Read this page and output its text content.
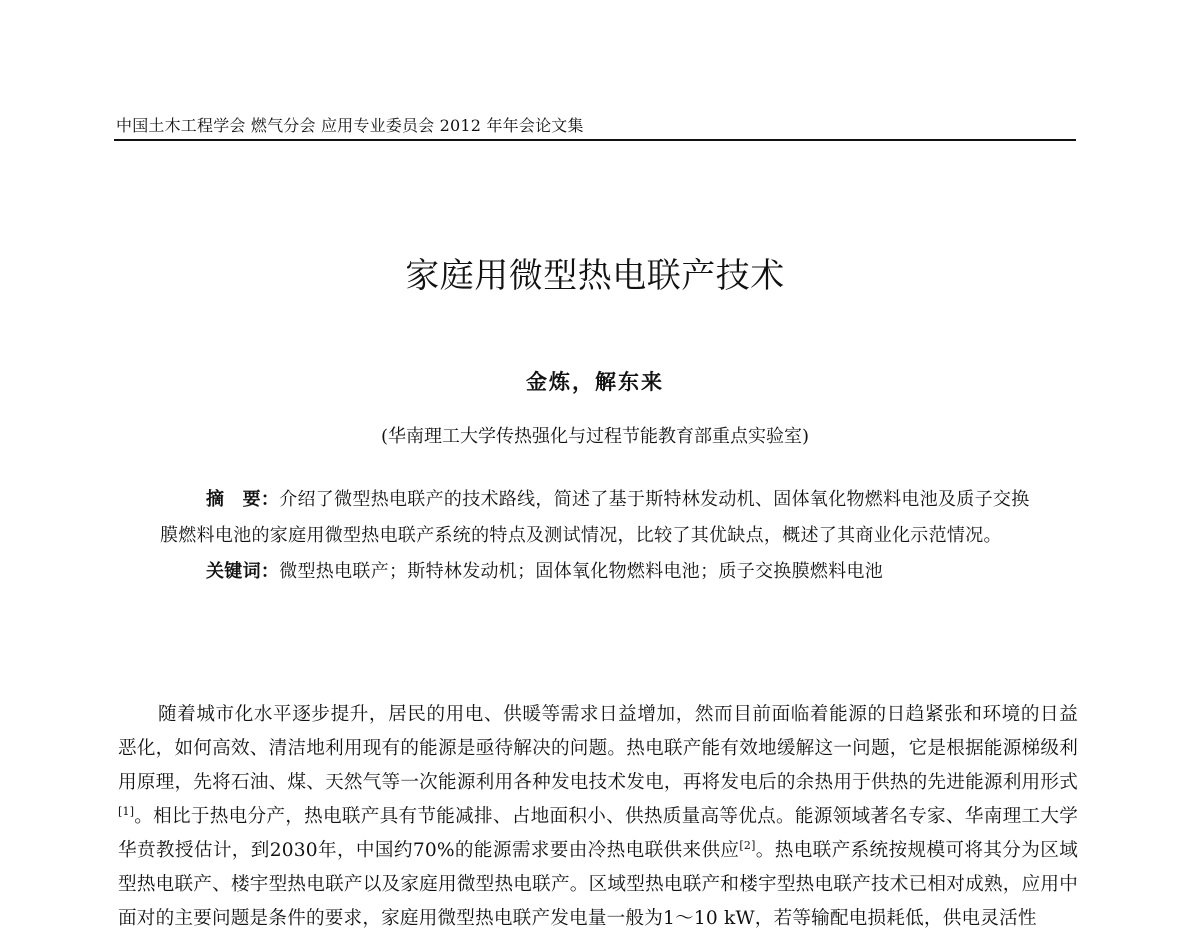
中国土木工程学会 燃气分会 应用专业委员会 2012 年年会论文集
家庭用微型热电联产技术
金炼，解东来
(华南理工大学传热强化与过程节能教育部重点实验室)

摘　要：介绍了微型热电联产的技术路线，简述了基于斯特林发动机、固体氧化物燃料电池及质子交换膜燃料电池的家庭用微型热电联产系统的特点及测试情况，比较了其优缺点，概述了其商业化示范情况。

关键词：微型热电联产；斯特林发动机；固体氧化物燃料电池；质子交换膜燃料电池

随着城市化水平逐步提升，居民的用电、供暖等需求日益增加，然而目前面临着能源的日趋紧张和环境的日益恶化，如何高效、清洁地利用现有的能源是亟待解决的问题。热电联产能有效地缓解这一问题，它是根据能源梯级利用原理，先将石油、煤、天然气等一次能源利用各种发电技术发电，再将发电后的余热用于供热的先进能源利用形式[1]。相比于热电分产，热电联产具有节能减排、占地面积小、供热质量高等优点。能源领域著名专家、华南理工大学华贲教授估计，到2030年，中国约70%的能源需求要由冷热电联供来供应[2]。热电联产系统按规模可将其分为区域型热电联产、楼宇型热电联产以及家庭用微型热电联产。区域型热电联产和楼宇型热电联产技术已相对成熟，应用中面对的主要问题是条件的要求，家庭用微型热电联产发电量一般为1～10 kW，若等输配电损耗低，供电灵活性
